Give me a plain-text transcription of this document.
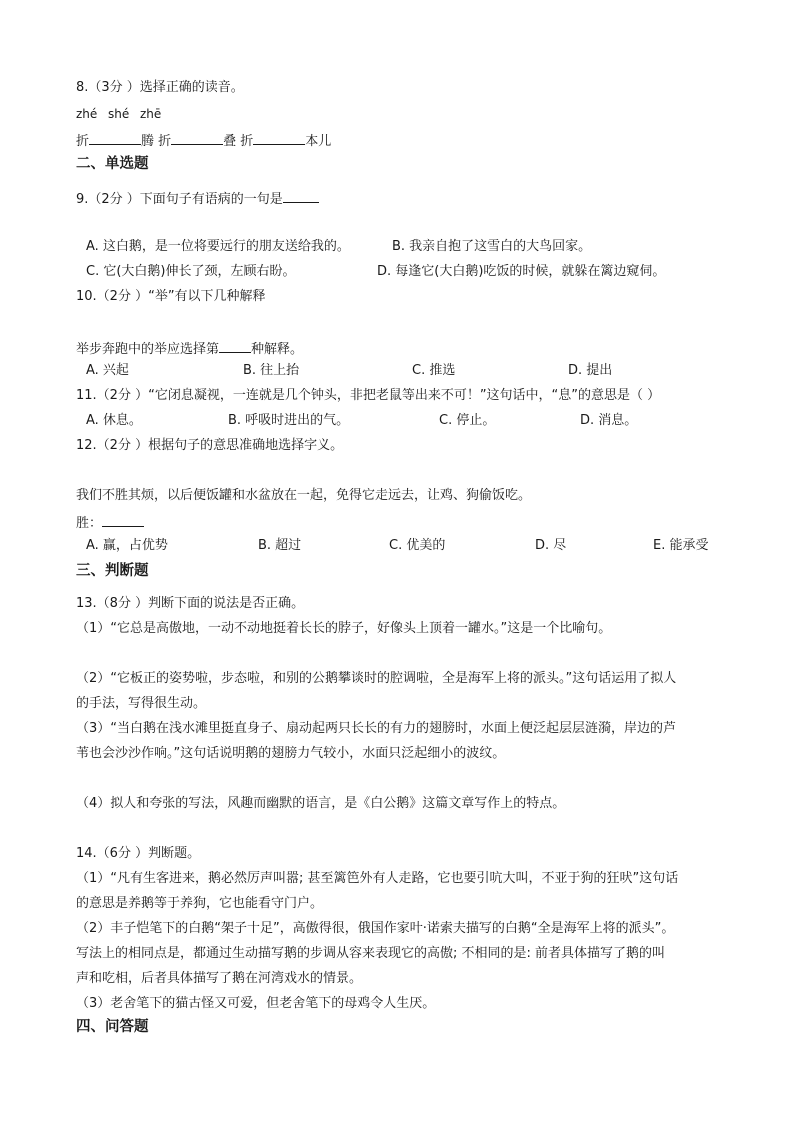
8.（3分 ）选择正确的读音。
zhé shé zhē
折	腾 折	叠 折	本儿
二、单选题
9.（2分 ）下面句子有语病的一句是
A. 这白鹅，是一位将要远行的朋友送给我的。	B. 我亲自抱了这雪白的大鸟回家。
C. 它(大白鹅)伸长了颈，左顾右盼。	D. 每逢它(大白鹅)吃饭的时候，就躲在篱边窥伺。
10.（2分 ）“举”有以下几种解释
举步奔跑中的举应选择第 种解释。
A. 兴起	B. 往上抬	C. 推选	D. 提出
11.（2分 ）“它闭息凝视，一连就是几个钟头，非把老鼠等出来不可！”这句话中，“息”的意思是（ ）
A. 休息。	B. 呼吸时进出的气。	C. 停止。	D. 消息。
12.（2分 ）根据句子的意思准确地选择字义。
我们不胜其烦，以后便饭罐和水盆放在一起，免得它走远去，让鸡、狗偷饭吃。
胜：
A. 赢，占优势	B. 超过	C. 优美的	D. 尽	E. 能承受
三、判断题
13.（8分 ）判断下面的说法是否正确。
（1）“它总是高傲地，一动不动地挺着长长的脖子，好像头上顶着一罐水。”这是一个比喻句。
（2）“它板正的姿势啦，步态啦，和别的公鹅攀谈时的腔调啦，全是海军上将的派头。”这句话运用了拟人
的手法，写得很生动。
（3）“当白鹅在浅水滩里挺直身子、扇动起两只长长的有力的翅膀时，水面上便泛起层层涟漪，岸边的芦
苇也会沙沙作响。”这句话说明鹅的翅膀力气较小，水面只泛起细小的波纹。
（4）拟人和夸张的写法，风趣而幽默的语言，是《白公鹅》这篇文章写作上的特点。
14.（6分 ）判断题。
（1）“凡有生客进来，鹅必然厉声叫嚣; 甚至篱笆外有人走路，它也要引吭大叫，不亚于狗的狂吠”这句话
的意思是养鹅等于养狗，它也能看守门户。
（2）丰子恺笔下的白鹅“架子十足”，高傲得很，俄国作家叶·诺索夫描写的白鹅“全是海军上将的派头”。
写法上的相同点是，都通过生动描写鹅的步调从容来表现它的高傲; 不相同的是: 前者具体描写了鹅的叫
声和吃相，后者具体描写了鹅在河湾戏水的情景。
（3）老舍笔下的猫古怪又可爱，但老舍笔下的母鸡令人生厌。
四、问答题
